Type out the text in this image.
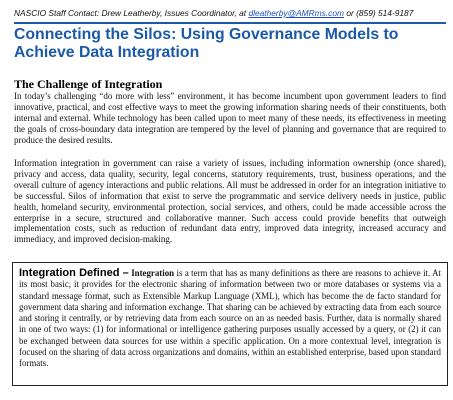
NASCIO Staff Contact: Drew Leatherby, Issues Coordinator, at dleatherby@AMRms.com or (859) 514-9187
Connecting the Silos: Using Governance Models to Achieve Data Integration
The Challenge of Integration

In today’s challenging “do more with less” environment, it has become incumbent upon government leaders to find innovative, practical, and cost effective ways to meet the growing information sharing needs of their constituents, both internal and external. While technology has been called upon to meet many of these needs, its effectiveness in meeting the goals of cross-boundary data integration are tempered by the level of planning and governance that are required to produce the desired results.

Information integration in government can raise a variety of issues, including information ownership (once shared), privacy and access, data quality, security, legal concerns, statutory requirements, trust, business operations, and the overall culture of agency interactions and public relations. All must be addressed in order for an integration initiative to be successful. Silos of information that exist to serve the programmatic and service delivery needs in justice, public health, homeland security, environmental protection, social services, and others, could be made accessible across the enterprise in a secure, structured and collaborative manner. Such access could provide benefits that outweigh implementation costs, such as reduction of redundant data entry, improved data integrity, increased accuracy and immediacy, and improved decision-making.

Integration Defined – Integration is a term that has as many definitions as there are reasons to achieve it. At its most basic, it provides for the electronic sharing of information between two or more databases or systems via a standard message format, such as Extensible Markup Language (XML), which has become the de facto standard for government data sharing and information exchange. That sharing can be achieved by extracting data from each source and storing it centrally, or by retrieving data from each source on an as needed basis. Further, data is normally shared in one of two ways: (1) for informational or intelligence gathering purposes usually accessed by a query, or (2) it can be exchanged between data sources for use within a specific application. On a more contextual level, integration is focused on the sharing of data across organizations and domains, within an established enterprise, based upon standard formats.
